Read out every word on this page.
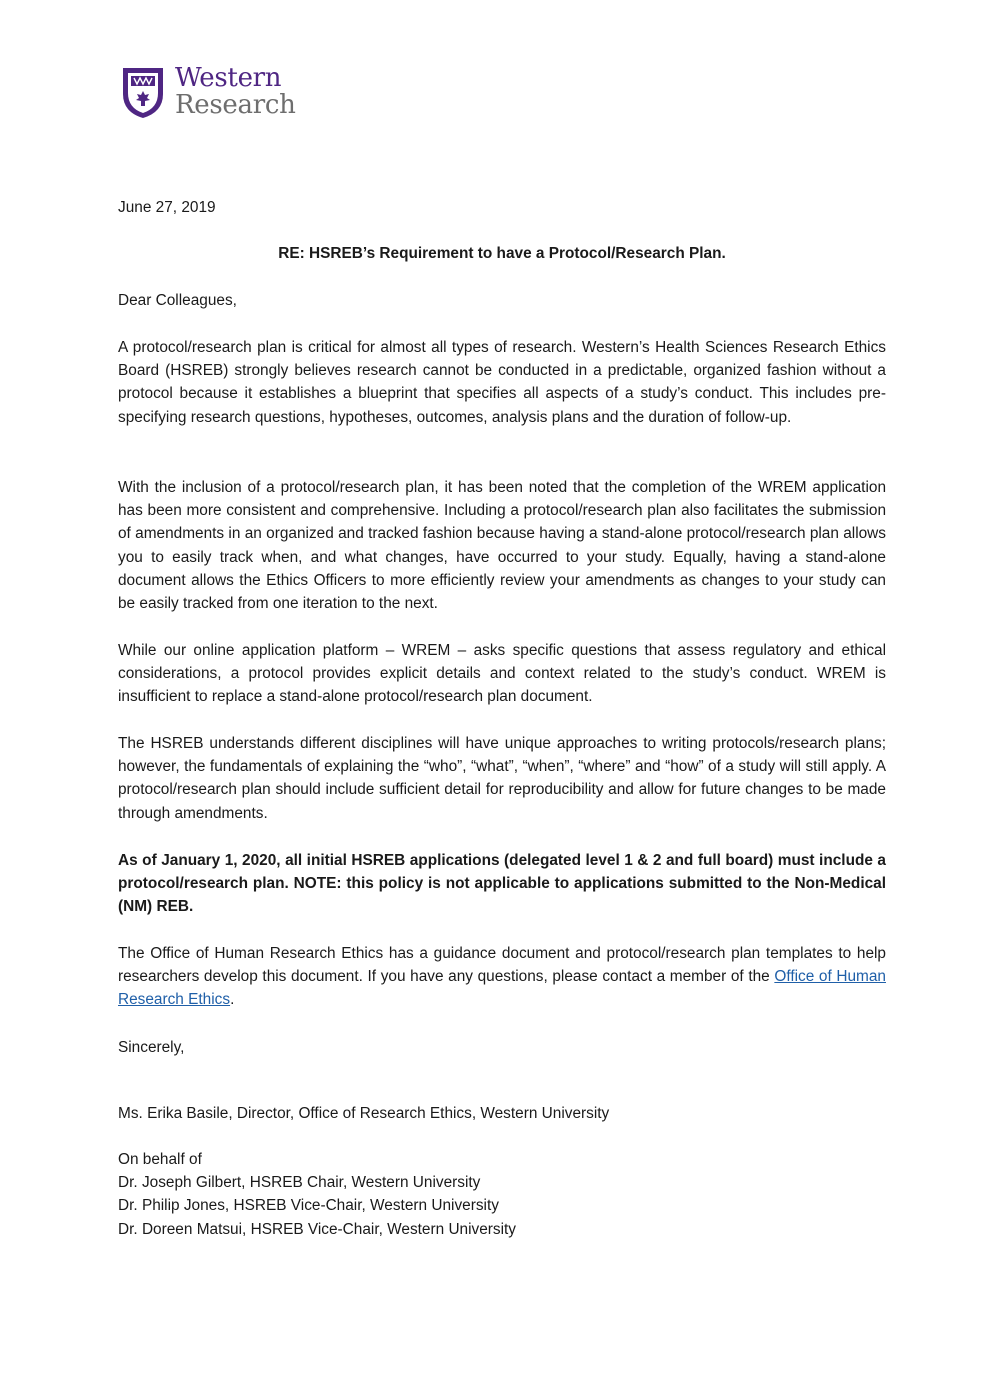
Western
Research

June 27, 2019

RE: HSREB’s Requirement to have a Protocol/Research Plan.

Dear Colleagues,

A protocol/research plan is critical for almost all types of research. Western’s Health Sciences Research Ethics Board (HSREB) strongly believes research cannot be conducted in a predictable, organized fashion without a protocol because it establishes a blueprint that specifies all aspects of a study’s conduct. This includes pre-specifying research questions, hypotheses, outcomes, analysis plans and the duration of follow-up.

With the inclusion of a protocol/research plan, it has been noted that the completion of the WREM application has been more consistent and comprehensive. Including a protocol/research plan also facilitates the submission of amendments in an organized and tracked fashion because having a stand-alone protocol/research plan allows you to easily track when, and what changes, have occurred to your study. Equally, having a stand-alone document allows the Ethics Officers to more efficiently review your amendments as changes to your study can be easily tracked from one iteration to the next.

While our online application platform – WREM – asks specific questions that assess regulatory and ethical considerations, a protocol provides explicit details and context related to the study’s conduct. WREM is insufficient to replace a stand-alone protocol/research plan document.

The HSREB understands different disciplines will have unique approaches to writing protocols/research plans; however, the fundamentals of explaining the “who”, “what”, “when”, “where” and “how” of a study will still apply. A protocol/research plan should include sufficient detail for reproducibility and allow for future changes to be made through amendments.

As of January 1, 2020, all initial HSREB applications (delegated level 1 & 2 and full board) must include a protocol/research plan. NOTE: this policy is not applicable to applications submitted to the Non-Medical (NM) REB.

The Office of Human Research Ethics has a guidance document and protocol/research plan templates to help researchers develop this document. If you have any questions, please contact a member of the Office of Human Research Ethics.

Sincerely,

Ms. Erika Basile, Director, Office of Research Ethics, Western University

On behalf of
Dr. Joseph Gilbert, HSREB Chair, Western University
Dr. Philip Jones, HSREB Vice-Chair, Western University
Dr. Doreen Matsui, HSREB Vice-Chair, Western University
